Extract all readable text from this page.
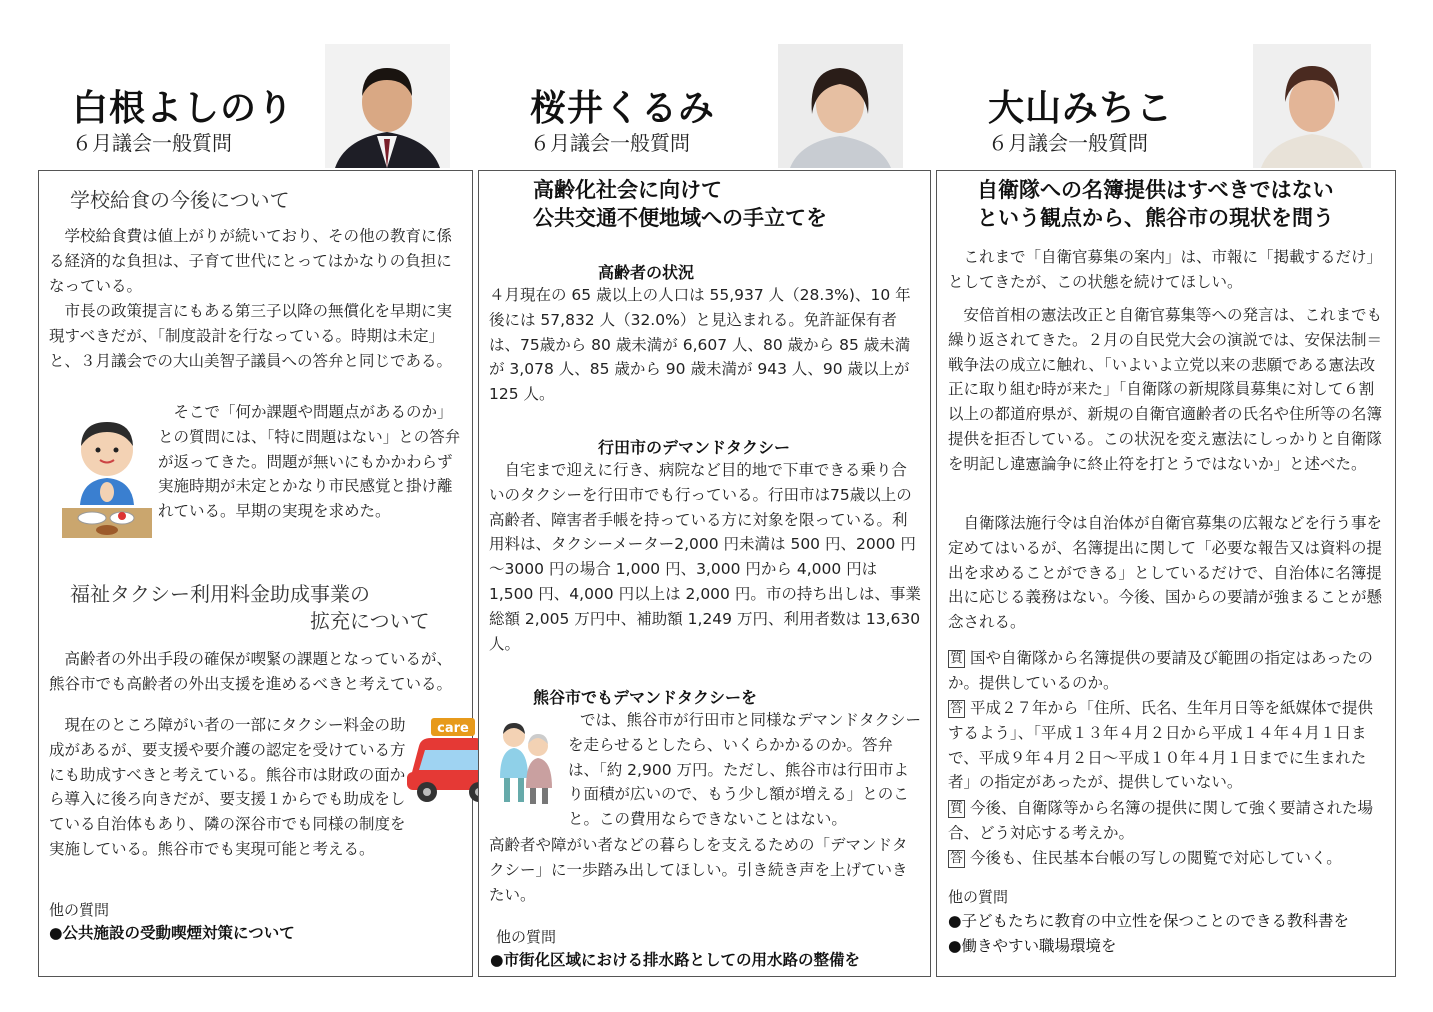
白根よしのり
６月議会一般質問
桜井くるみ
６月議会一般質問
大山みちこ
６月議会一般質問
学校給食の今後について

　学校給食費は値上がりが続いており、その他の教育に係る経済的な負担は、子育て世代にとってはかなりの負担になっている。

　市長の政策提言にもある第三子以降の無償化を早期に実現すべきだが、「制度設計を行なっている。時期は未定」と、３月議会での大山美智子議員への答弁と同じである。

　そこで「何か課題や問題点があるのか」との質問には、「特に問題はない」との答弁が返ってきた。問題が無いにもかかわらず実施時期が未定とかなり市民感覚と掛け離れている。早期の実現を求めた。

福祉タクシー利用料金助成事業の
拡充について

　高齢者の外出手段の確保が喫緊の課題となっているが、熊谷市でも高齢者の外出支援を進めるべきと考えている。

care

　現在のところ障がい者の一部にタクシー料金の助成があるが、要支援や要介護の認定を受けている方にも助成すべきと考えている。熊谷市は財政の面から導入に後ろ向きだが、要支援１からでも助成をしている自治体もあり、隣の深谷市でも同様の制度を実施している。熊谷市でも実現可能と考える。

他の質問
●公共施設の受動喫煙対策について
高齢化社会に向けて
公共交通不便地域への手立てを
高齢者の状況

４月現在の 65 歳以上の人口は 55,937 人（28.3%)、10 年後には 57,832 人（32.0%）と見込まれる。免許証保有者は、75歳から 80 歳未満が 6,607 人、80 歳から 85 歳未満が 3,078 人、85 歳から 90 歳未満が 943 人、90 歳以上が 125 人。

行田市のデマンドタクシー

　自宅まで迎えに行き、病院など目的地で下車できる乗り合いのタクシーを行田市でも行っている。行田市は75歳以上の高齢者、障害者手帳を持っている方に対象を限っている。利用料は、タクシーメーター2,000 円未満は 500 円、2000 円～3000 円の場合 1,000 円、3,000 円から 4,000 円は 1,500 円、4,000 円以上は 2,000 円。市の持ち出しは、事業総額 2,005 万円中、補助額 1,249 万円、利用者数は 13,630 人。

熊谷市でもデマンドタクシーを

では、熊谷市が行田市と同様なデマンドタクシーを走らせるとしたら、いくらかかるのか。答弁は、「約 2,900 万円。ただし、熊谷市は行田市より面積が広いので、もう少し額が増える」とのこと。この費用ならできないことはない。

高齢者や障がい者などの暮らしを支えるための「デマンドタクシー」に一歩踏み出してほしい。引き続き声を上げていきたい。

他の質問
●市街化区域における排水路としての用水路の整備を
自衛隊への名簿提供はすべきではない
という観点から、熊谷市の現状を問う

　これまで「自衛官募集の案内」は、市報に「掲載するだけ」としてきたが、この状態を続けてほしい。

　安倍首相の憲法改正と自衛官募集等への発言は、これまでも繰り返されてきた。２月の自民党大会の演説では、安保法制＝戦争法の成立に触れ、「いよいよ立党以来の悲願である憲法改正に取り組む時が来た」「自衛隊の新規隊員募集に対して６割以上の都道府県が、新規の自衛官適齢者の氏名や住所等の名簿提供を拒否している。この状況を変え憲法にしっかりと自衛隊を明記し違憲論争に終止符を打とうではないか」と述べた。

　自衛隊法施行令は自治体が自衛官募集の広報などを行う事を定めてはいるが、名簿提出に関して「必要な報告又は資料の提出を求めることができる」としているだけで、自治体に名簿提出に応じる義務はない。今後、国からの要請が強まることが懸念される。

質 国や自衛隊から名簿提供の要請及び範囲の指定はあったのか。提供しているのか。

答 平成２７年から「住所、氏名、生年月日等を紙媒体で提供するよう」、「平成１３年４月２日から平成１４年４月１日まで、平成９年４月２日～平成１０年４月１日までに生まれた者」の指定があったが、提供していない。

質 今後、自衛隊等から名簿の提供に関して強く要請された場合、どう対応する考えか。

答 今後も、住民基本台帳の写しの閲覧で対応していく。

他の質問
●子どもたちに教育の中立性を保つことのできる教科書を
●働きやすい職場環境を
